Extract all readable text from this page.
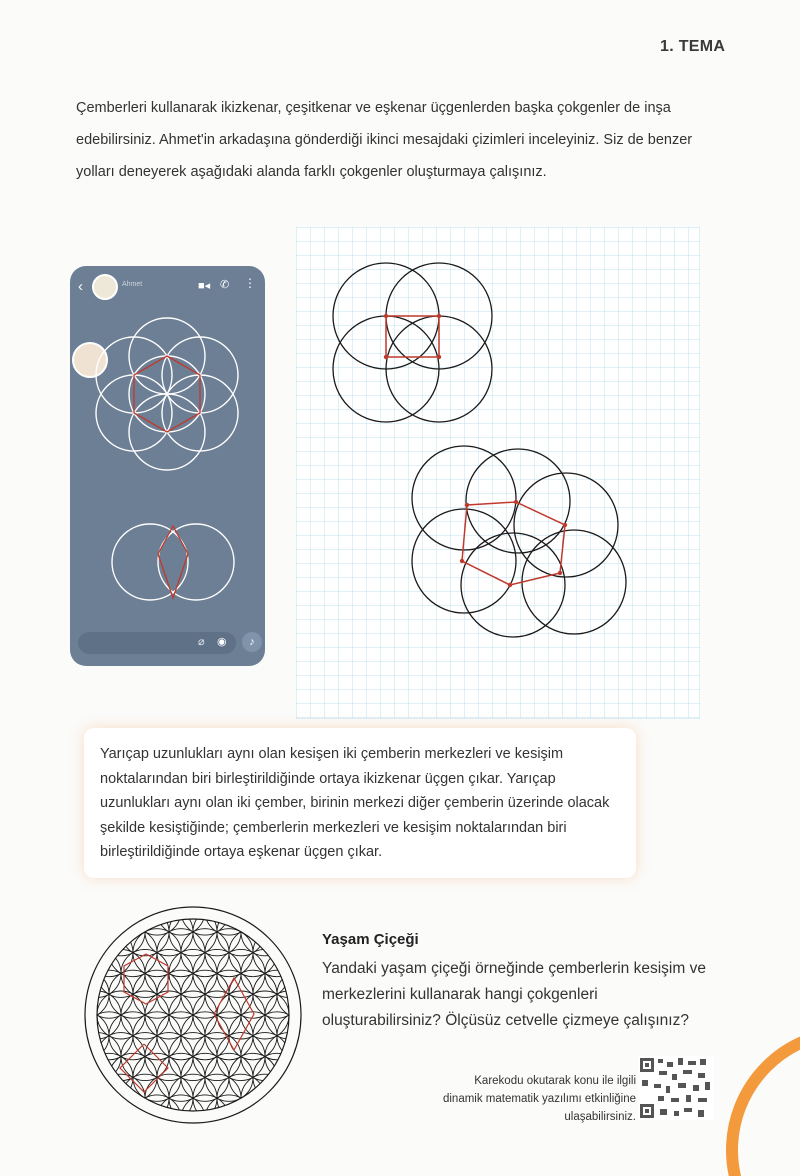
1. TEMA

Çemberleri kullanarak ikizkenar, çeşitkenar ve eşkenar üçgenlerden başka çokgenler de inşa edebilirsiniz. Ahmet'in arkadaşına gönderdiği ikinci mesajdaki çizimleri inceleyiniz. Siz de benzer yolları deneyerek aşağıdaki alanda farklı çokgenler oluşturmaya çalışınız.

‹	Ahmet	■◂ ✆ ⋮
⌀ ◉	♪

Yarıçap uzunlukları aynı olan kesişen iki çemberin merkezleri ve kesişim noktalarından biri birleştirildiğinde ortaya ikizkenar üçgen çıkar. Yarıçap uzunlukları aynı olan iki çember, birinin merkezi diğer çemberin üzerinde olacak şekilde kesiştiğinde; çemberlerin merkezleri ve kesişim noktalarından biri birleştirildiğinde ortaya eşkenar üçgen çıkar.

Yaşam Çiçeği

Yandaki yaşam çiçeği örneğinde çemberlerin kesişim ve merkezlerini kullanarak hangi çokgenleri oluşturabilirsiniz? Ölçüsüz cetvelle çizmeye çalışınız?

Karekodu okutarak konu ile ilgili dinamik matematik yazılımı etkinliğine ulaşabilirsiniz.
